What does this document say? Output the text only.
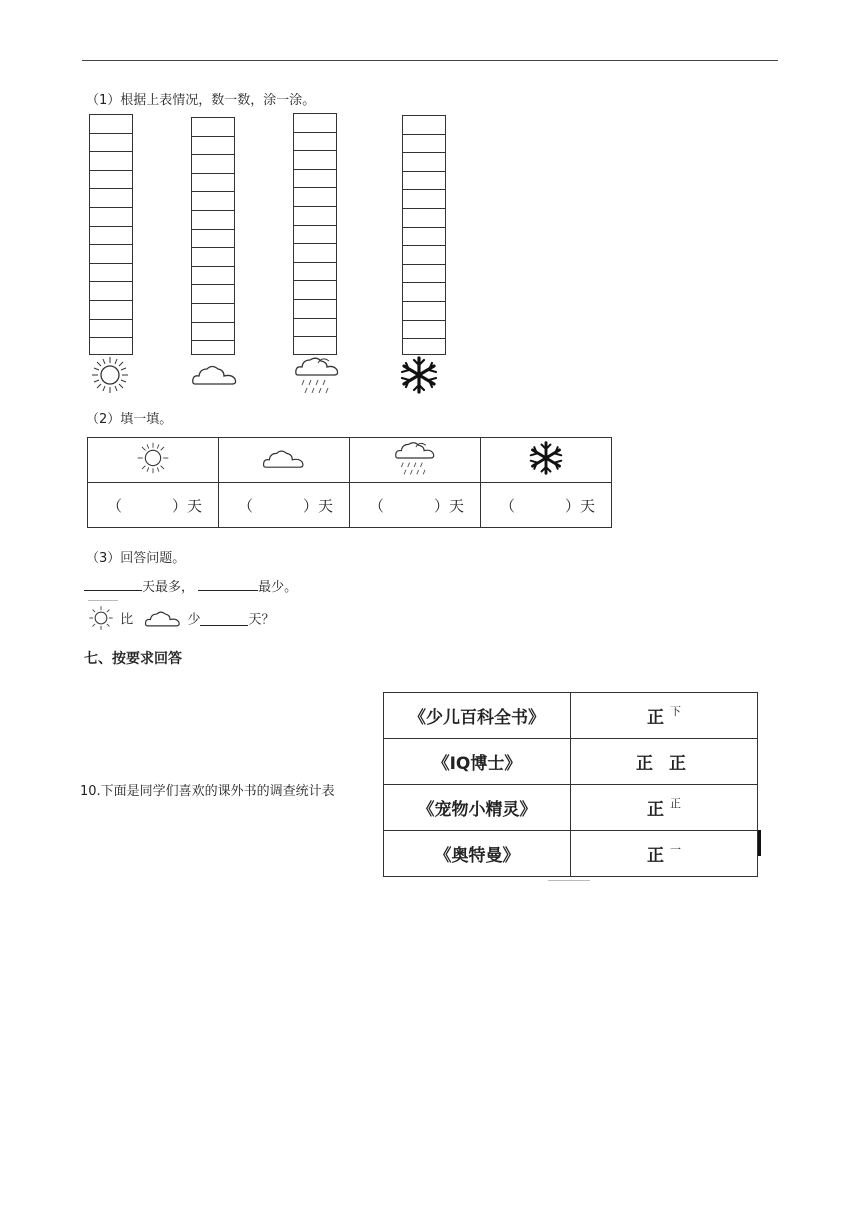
（1）根据上表情况，数一数，涂一涂。
（2）填一填。

（ ）天	（ ）天	（ ）天	（ ）天
（3）回答问题。
天最多，	最少。
比	少	天？
七、按要求回答
10.下面是同学们喜欢的课外书的调查统计表
《少儿百科全书》	正 $^下$
《IQ博士》	正 正
《宠物小精灵》	正 $^正$
《奥特曼》	正 $^一$
